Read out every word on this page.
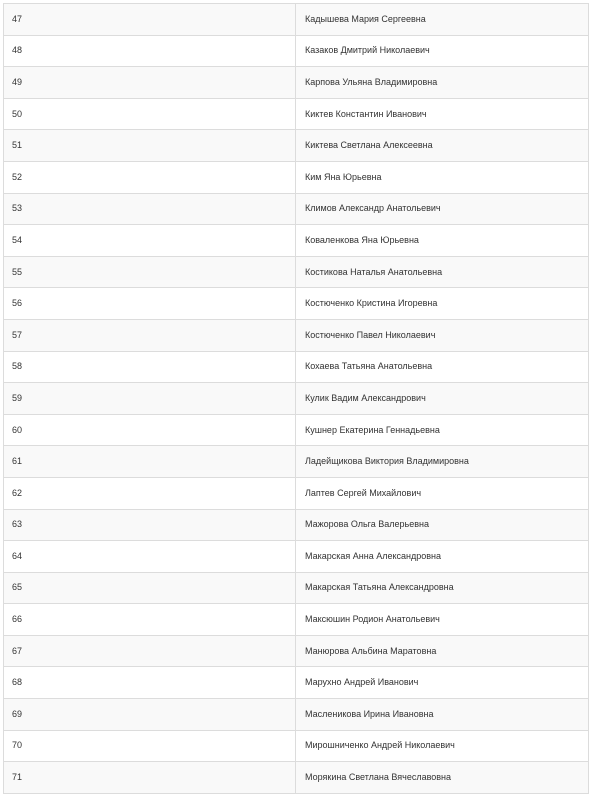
47	Кадышева Мария Сергеевна
48	Казаков Дмитрий Николаевич
49	Карпова Ульяна Владимировна
50	Киктев Константин Иванович
51	Киктева Светлана Алексеевна
52	Ким Яна Юрьевна
53	Климов Александр Анатольевич
54	Коваленкова Яна Юрьевна
55	Костикова Наталья Анатольевна
56	Костюченко Кристина Игоревна
57	Костюченко Павел Николаевич
58	Кохаева Татьяна Анатольевна
59	Кулик Вадим Александрович
60	Кушнер Екатерина Геннадьевна
61	Ладейщикова Виктория Владимировна
62	Лаптев Сергей Михайлович
63	Мажорова Ольга Валерьевна
64	Макарская Анна Александровна
65	Макарская Татьяна Александровна
66	Максюшин Родион Анатольевич
67	Манюрова Альбина Маратовна
68	Марухно Андрей Иванович
69	Масленикова Ирина Ивановна
70	Мирошниченко Андрей Николаевич
71	Морякина Светлана Вячеславовна
